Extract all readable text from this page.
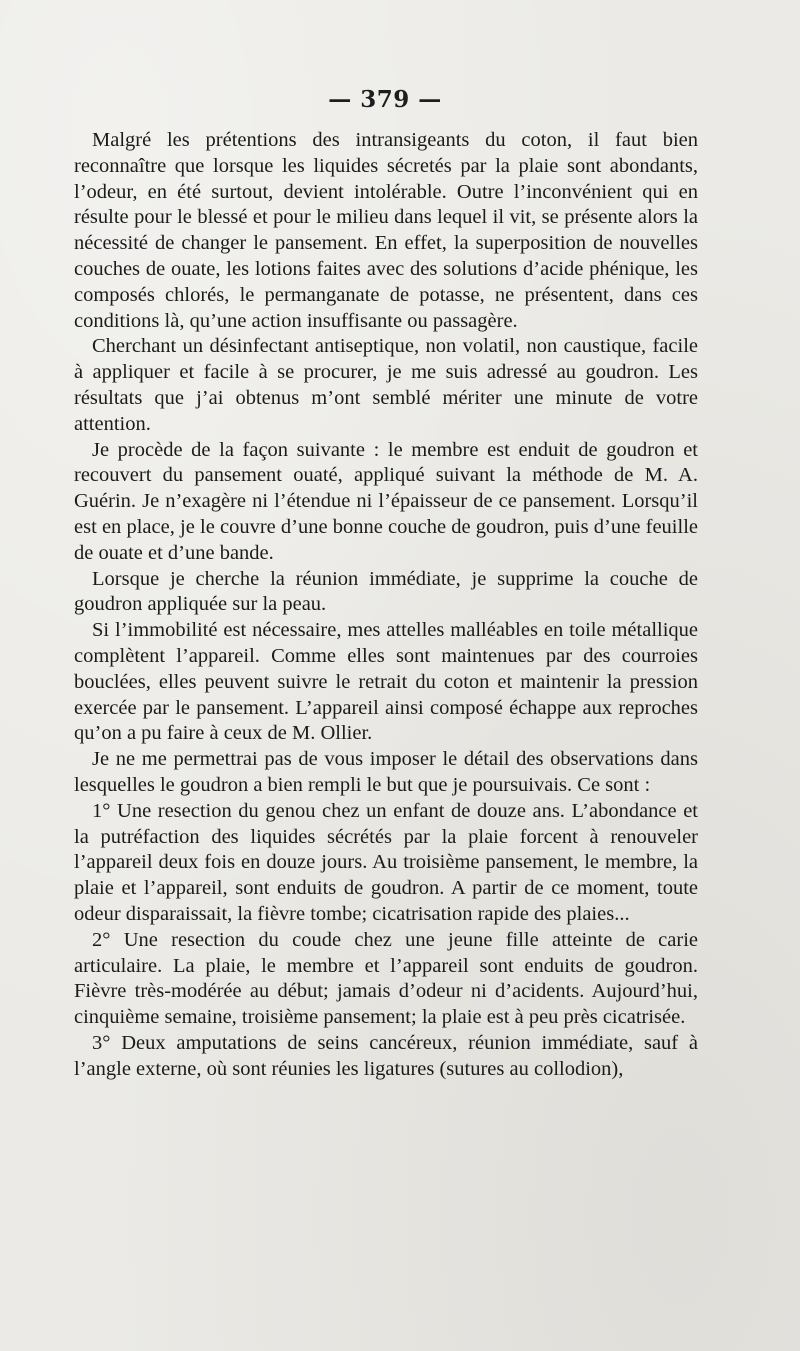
— 379 —

Malgré les prétentions des intransigeants du coton, il faut bien reconnaître que lorsque les liquides sécretés par la plaie sont abondants, l’odeur, en été surtout, devient intolérable. Outre l’inconvénient qui en résulte pour le blessé et pour le milieu dans lequel il vit, se présente alors la nécessité de changer le pansement. En effet, la superposition de nouvelles couches de ouate, les lotions faites avec des solutions d’acide phénique, les composés chlorés, le permanganate de potasse, ne présentent, dans ces conditions là, qu’une action insuffisante ou passagère.

Cherchant un désinfectant antiseptique, non volatil, non caustique, facile à appliquer et facile à se procurer, je me suis adressé au goudron. Les résultats que j’ai obtenus m’ont semblé mériter une minute de votre attention.

Je procède de la façon suivante : le membre est enduit de goudron et recouvert du pansement ouaté, appliqué suivant la méthode de M. A. Guérin. Je n’exagère ni l’étendue ni l’épaisseur de ce pansement. Lorsqu’il est en place, je le couvre d’une bonne couche de goudron, puis d’une feuille de ouate et d’une bande.

Lorsque je cherche la réunion immédiate, je supprime la couche de goudron appliquée sur la peau.

Si l’immobilité est nécessaire, mes attelles malléables en toile métallique complètent l’appareil. Comme elles sont maintenues par des courroies bouclées, elles peuvent suivre le retrait du coton et maintenir la pression exercée par le pansement. L’appareil ainsi composé échappe aux reproches qu’on a pu faire à ceux de M. Ollier.

Je ne me permettrai pas de vous imposer le détail des observations dans lesquelles le goudron a bien rempli le but que je poursuivais. Ce sont :

1° Une resection du genou chez un enfant de douze ans. L’abondance et la putréfaction des liquides sécrétés par la plaie forcent à renouveler l’appareil deux fois en douze jours. Au troisième pansement, le membre, la plaie et l’appareil, sont enduits de goudron. A partir de ce moment, toute odeur disparaissait, la fièvre tombe; cicatrisation rapide des plaies...

2° Une resection du coude chez une jeune fille atteinte de carie articulaire. La plaie, le membre et l’appareil sont enduits de goudron. Fièvre très-modérée au début; jamais d’odeur ni d’acidents. Aujourd’hui, cinquième semaine, troisième pansement; la plaie est à peu près cicatrisée.

3° Deux amputations de seins cancéreux, réunion immédiate, sauf à l’angle externe, où sont réunies les ligatures (sutures au collodion),
